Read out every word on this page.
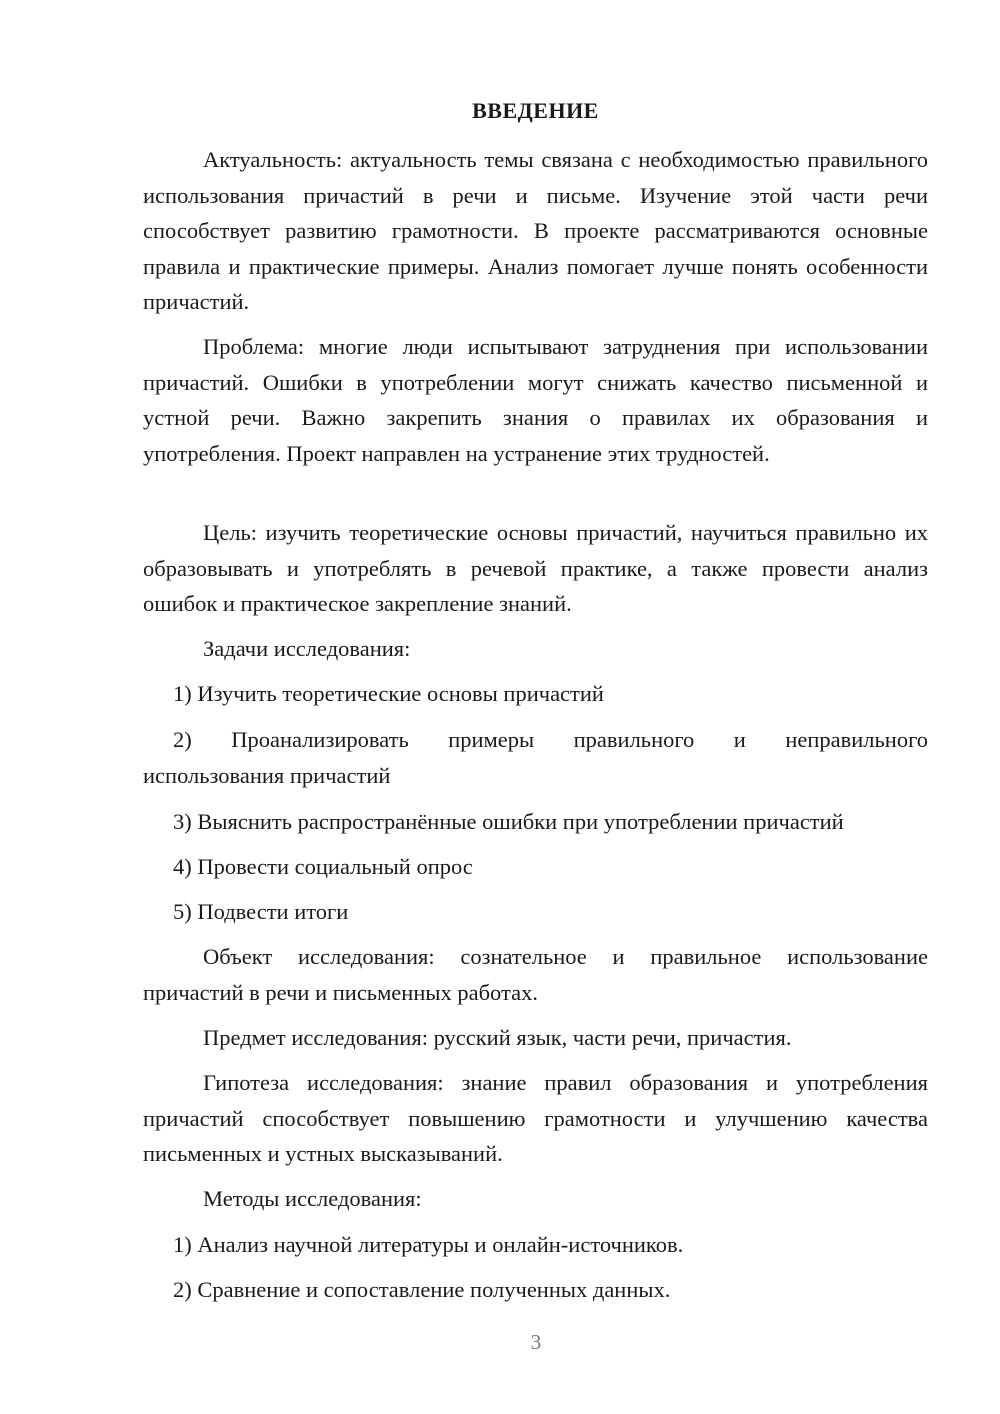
ВВЕДЕНИЕ

Актуальность: актуальность темы связана с необходимостью правильного использования причастий в речи и письме. Изучение этой части речи способствует развитию грамотности. В проекте рассматриваются основные правила и практические примеры. Анализ помогает лучше понять особенности причастий.

Проблема: многие люди испытывают затруднения при использовании причастий. Ошибки в употреблении могут снижать качество письменной и устной речи. Важно закрепить знания о правилах их образования и употребления. Проект направлен на устранение этих трудностей.

Цель: изучить теоретические основы причастий, научиться правильно их образовывать и употреблять в речевой практике, а также провести анализ ошибок и практическое закрепление знаний.

Задачи исследования:

1) Изучить теоретические основы причастий

2) Проанализировать примеры правильного и неправильного
использования причастий

3) Выяснить распространённые ошибки при употреблении причастий

4) Провести социальный опрос

5) Подвести итоги

Объект исследования: сознательное и правильное использование причастий в речи и письменных работах.

Предмет исследования: русский язык, части речи, причастия.

Гипотеза исследования: знание правил образования и употребления причастий способствует повышению грамотности и улучшению качества письменных и устных высказываний.

Методы исследования:

1) Анализ научной литературы и онлайн-источников.

2) Сравнение и сопоставление полученных данных.

3
